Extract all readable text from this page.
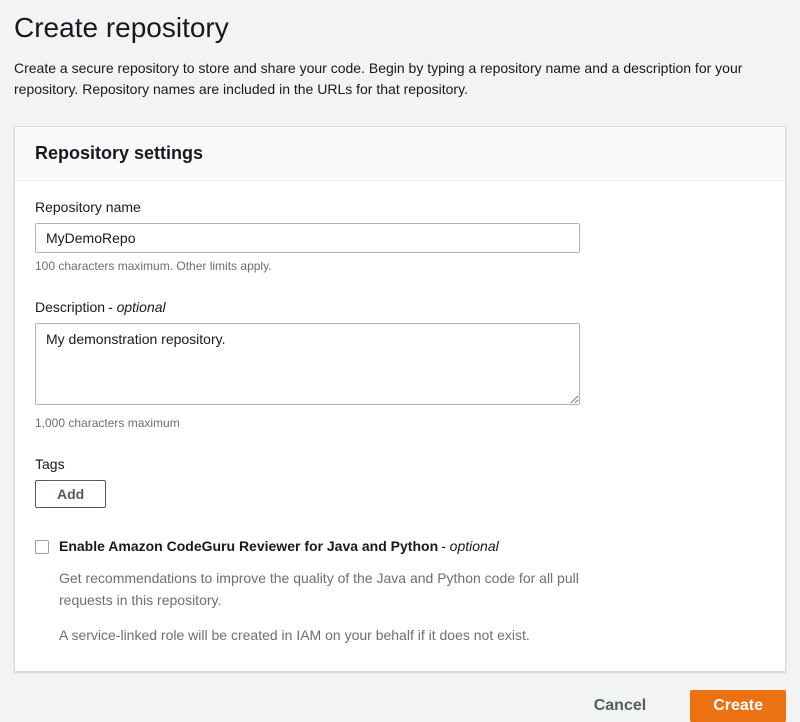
Create repository

Create a secure repository to store and share your code. Begin by typing a repository name and a description for your repository. Repository names are included in the URLs for that repository.

Repository settings
Repository name
MyDemoRepo
100 characters maximum. Other limits apply.
Description - optional
My demonstration repository.
1,000 characters maximum
Tags
Add
Enable Amazon CodeGuru Reviewer for Java and Python - optional

Get recommendations to improve the quality of the Java and Python code for all pull requests in this repository.

A service-linked role will be created in IAM on your behalf if it does not exist.

Cancel	Create
